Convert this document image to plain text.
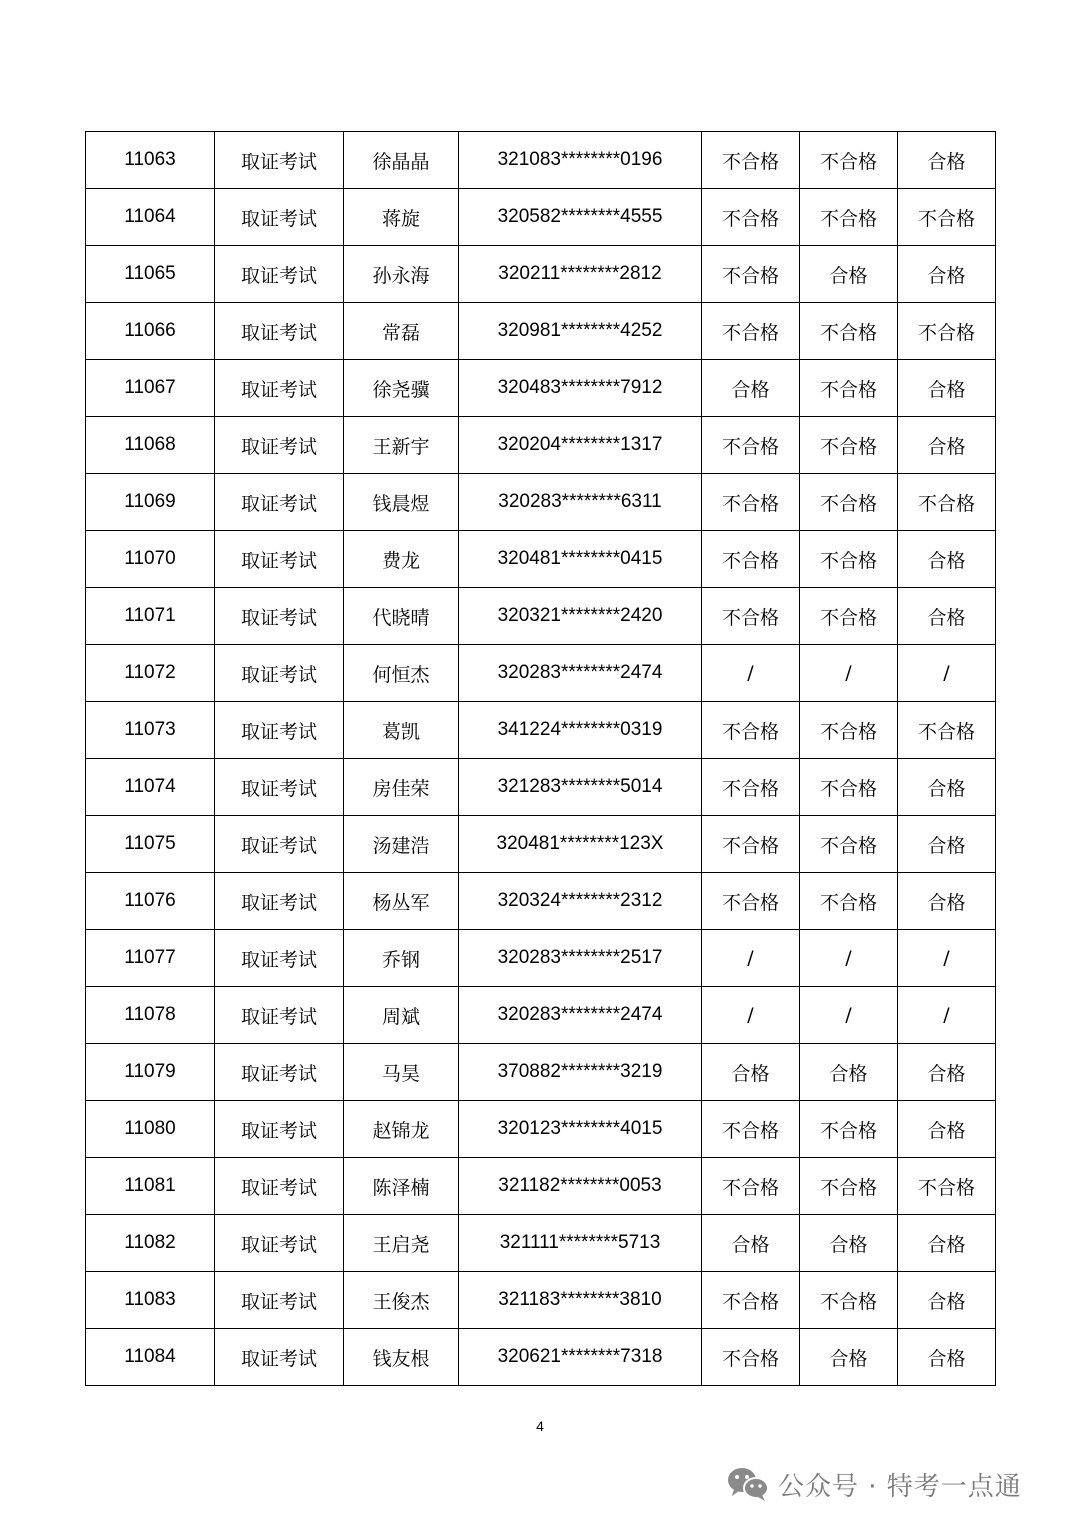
11063	取证考试	徐晶晶	321083********0196	不合格	不合格	合格
11064	取证考试	蒋旋	320582********4555	不合格	不合格	不合格
11065	取证考试	孙永海	320211********2812	不合格	合格	合格
11066	取证考试	常磊	320981********4252	不合格	不合格	不合格
11067	取证考试	徐尧骥	320483********7912	合格	不合格	合格
11068	取证考试	王新宇	320204********1317	不合格	不合格	合格
11069	取证考试	钱晨煜	320283********6311	不合格	不合格	不合格
11070	取证考试	费龙	320481********0415	不合格	不合格	合格
11071	取证考试	代晓晴	320321********2420	不合格	不合格	合格
11072	取证考试	何恒杰	320283********2474	/	/	/
11073	取证考试	葛凯	341224********0319	不合格	不合格	不合格
11074	取证考试	房佳荣	321283********5014	不合格	不合格	合格
11075	取证考试	汤建浩	320481********123X	不合格	不合格	合格
11076	取证考试	杨丛军	320324********2312	不合格	不合格	合格
11077	取证考试	乔钢	320283********2517	/	/	/
11078	取证考试	周斌	320283********2474	/	/	/
11079	取证考试	马昊	370882********3219	合格	合格	合格
11080	取证考试	赵锦龙	320123********4015	不合格	不合格	合格
11081	取证考试	陈泽楠	321182********0053	不合格	不合格	不合格
11082	取证考试	王启尧	321111********5713	合格	合格	合格
11083	取证考试	王俊杰	321183********3810	不合格	不合格	合格
11084	取证考试	钱友根	320621********7318	不合格	合格	合格
4
公众号 · 特考一点通
